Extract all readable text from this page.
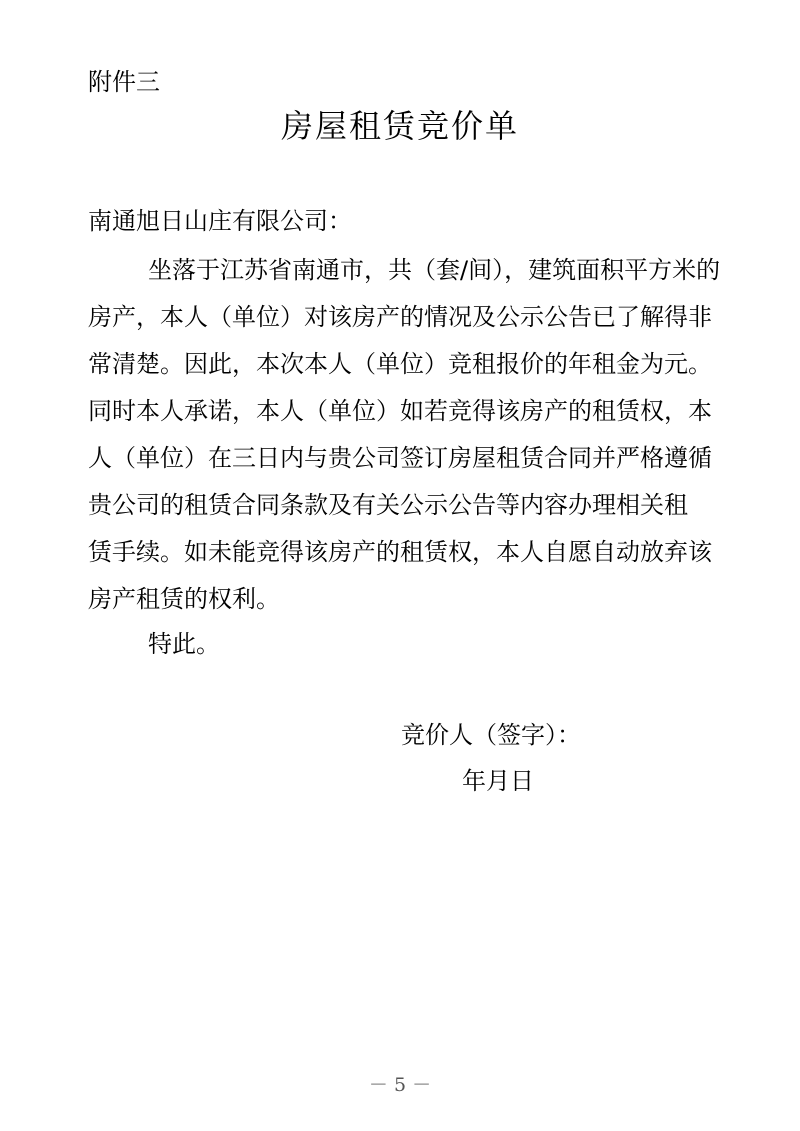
附件三
房屋租赁竞价单
南通旭日山庄有限公司：
坐落于江苏省南通市，共（套/间），建筑面积平方米的
房产，本人（单位）对该房产的情况及公示公告已了解得非
常清楚。因此，本次本人（单位）竞租报价的年租金为元。
同时本人承诺，本人（单位）如若竞得该房产的租赁权，本
人（单位）在三日内与贵公司签订房屋租赁合同并严格遵循
贵公司的租赁合同条款及有关公示公告等内容办理相关租
赁手续。如未能竞得该房产的租赁权，本人自愿自动放弃该
房产租赁的权利。
特此。
竞价人（签字）：
年月日
－ 5 －
